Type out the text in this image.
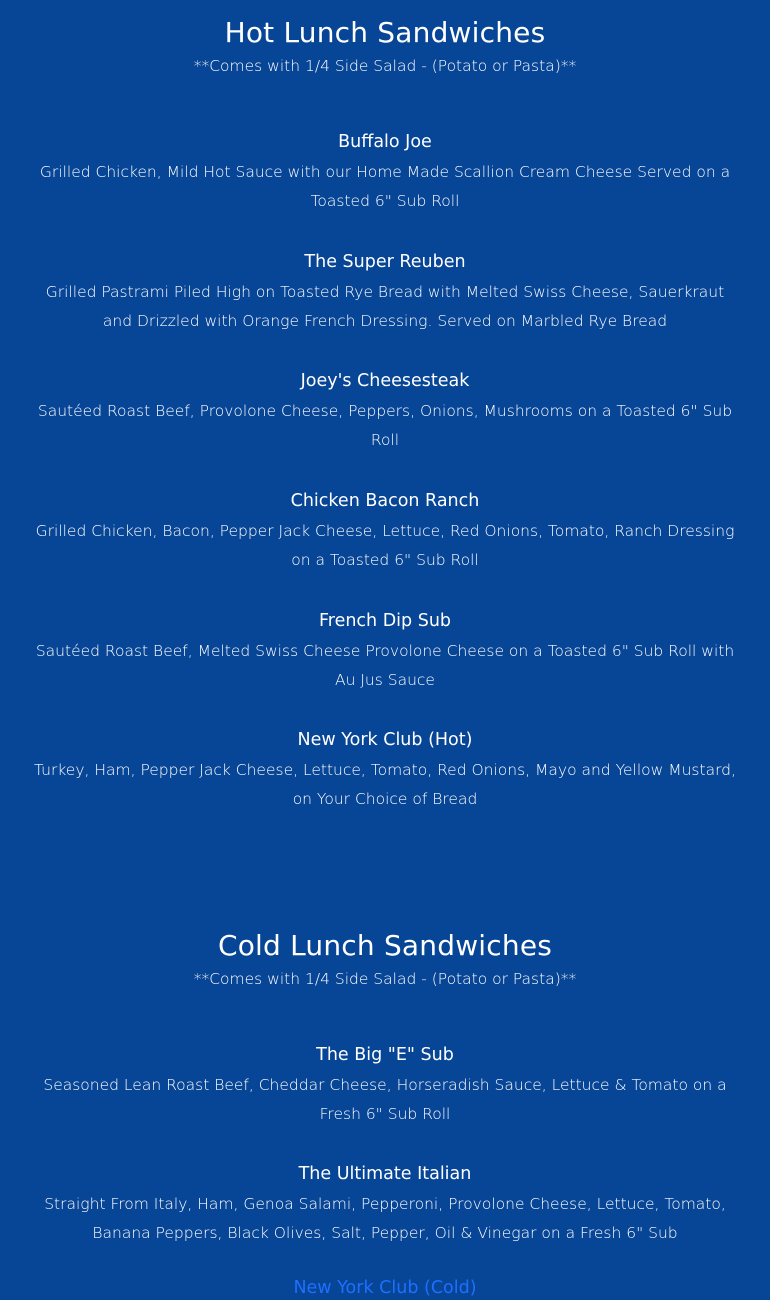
Hot Lunch Sandwiches
**Comes with 1/4 Side Salad - (Potato or Pasta)**

Buffalo Joe

Grilled Chicken, Mild Hot Sauce with our Home Made Scallion Cream Cheese Served on a Toasted 6" Sub Roll

The Super Reuben

Grilled Pastrami Piled High on Toasted Rye Bread with Melted Swiss Cheese, Sauerkraut and Drizzled with Orange French Dressing. Served on Marbled Rye Bread

Joey's Cheesesteak

Sautéed Roast Beef, Provolone Cheese, Peppers, Onions, Mushrooms on a Toasted 6" Sub Roll

Chicken Bacon Ranch

Grilled Chicken, Bacon, Pepper Jack Cheese, Lettuce, Red Onions, Tomato, Ranch Dressing on a Toasted 6" Sub Roll

French Dip Sub

Sautéed Roast Beef, Melted Swiss Cheese Provolone Cheese on a Toasted 6" Sub Roll with Au Jus Sauce

New York Club (Hot)

Turkey, Ham, Pepper Jack Cheese, Lettuce, Tomato, Red Onions, Mayo and Yellow Mustard, on Your Choice of Bread

Cold Lunch Sandwiches
**Comes with 1/4 Side Salad - (Potato or Pasta)**

The Big "E" Sub

Seasoned Lean Roast Beef, Cheddar Cheese, Horseradish Sauce, Lettuce & Tomato on a Fresh 6" Sub Roll

The Ultimate Italian

Straight From Italy, Ham, Genoa Salami, Pepperoni, Provolone Cheese, Lettuce, Tomato, Banana Peppers, Black Olives, Salt, Pepper, Oil & Vinegar on a Fresh 6" Sub

New York Club (Cold)
